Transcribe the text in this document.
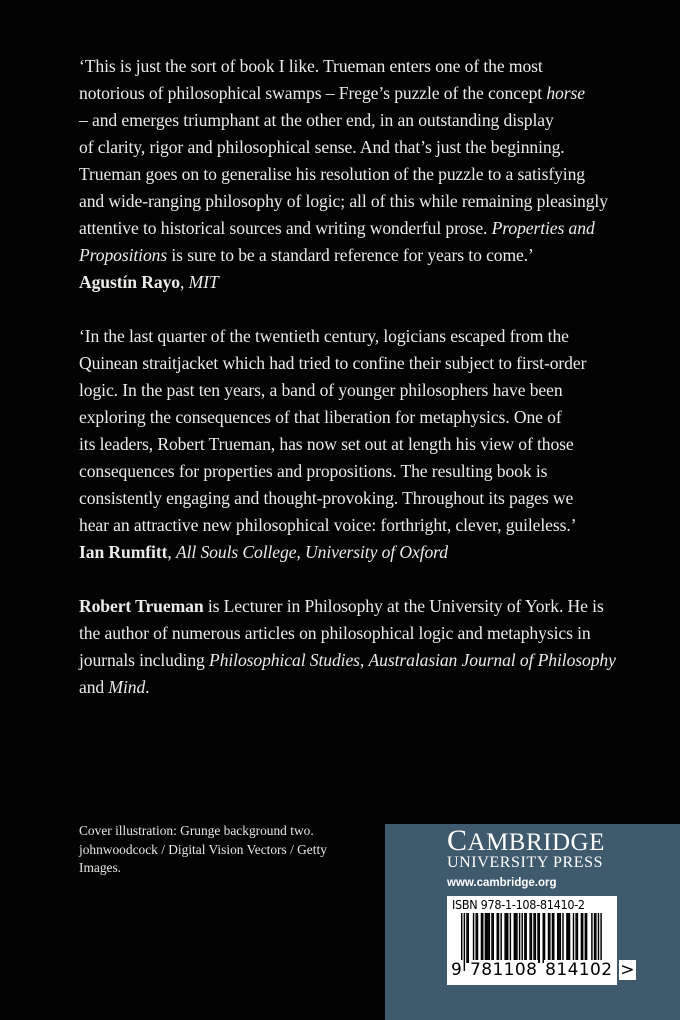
‘This is just the sort of book I like. Trueman enters one of the most

notorious of philosophical swamps – Frege’s puzzle of the concept horse

– and emerges triumphant at the other end, in an outstanding display

of clarity, rigor and philosophical sense. And that’s just the beginning.

Trueman goes on to generalise his resolution of the puzzle to a satisfying

and wide-ranging philosophy of logic; all of this while remaining pleasingly

attentive to historical sources and writing wonderful prose. Properties and

Propositions is sure to be a standard reference for years to come.’

Agustín Rayo, MIT

‘In the last quarter of the twentieth century, logicians escaped from the

Quinean straitjacket which had tried to confine their subject to first-order

logic. In the past ten years, a band of younger philosophers have been

exploring the consequences of that liberation for metaphysics. One of

its leaders, Robert Trueman, has now set out at length his view of those

consequences for properties and propositions. The resulting book is

consistently engaging and thought-provoking. Throughout its pages we

hear an attractive new philosophical voice: forthright, clever, guileless.’

Ian Rumfitt, All Souls College, University of Oxford

Robert Trueman is Lecturer in Philosophy at the University of York. He is

the author of numerous articles on philosophical logic and metaphysics in

journals including Philosophical Studies, Australasian Journal of Philosophy

and Mind.

Cover illustration: Grunge background two.
johnwoodcock / Digital Vision Vectors / Getty
Images.
CAMBRIDGE
UNIVERSITY PRESS
www.cambridge.org
ISBN 978-1-108-81410-2
9 781108 814102 >
